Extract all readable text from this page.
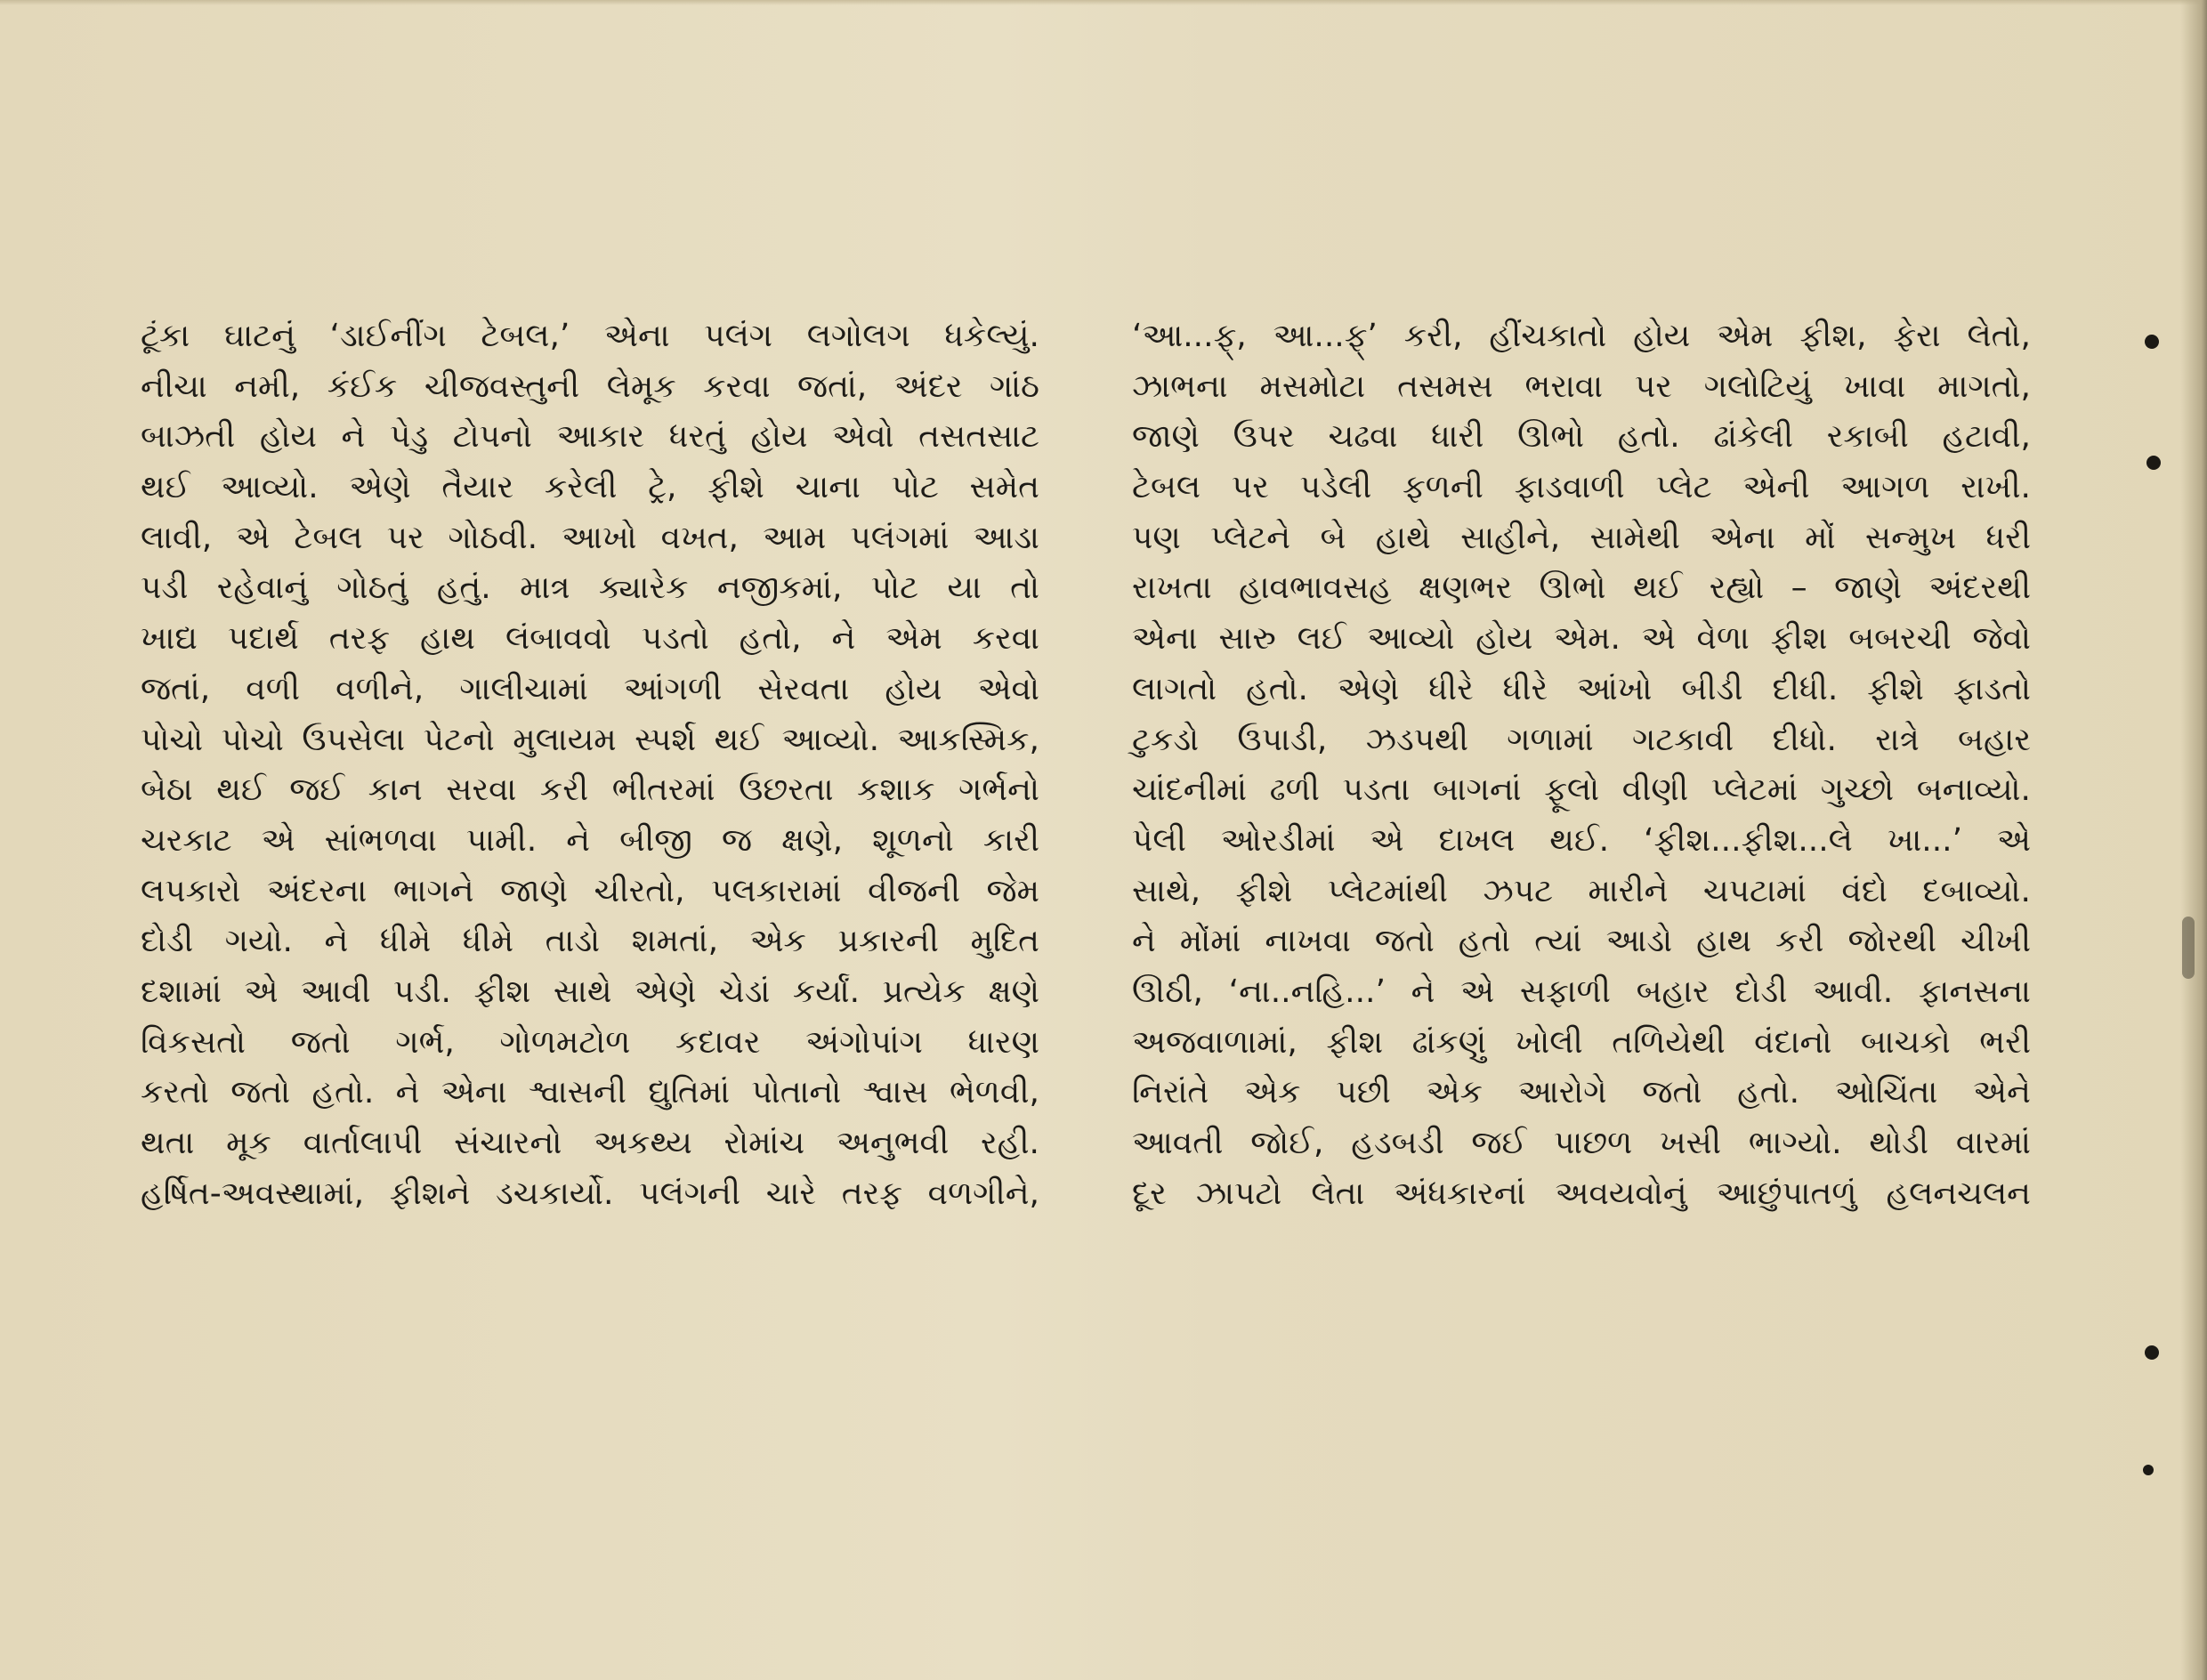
ટૂંકા ઘાટનું ‘ડાઈનીંગ ટેબલ,’ એના પલંગ લગોલગ ધકેલ્યું.

નીચા નમી, કંઈક ચીજવસ્તુની લેમૂક કરવા જતાં, અંદર ગાંઠ

બાઝતી હોય ને પેડુ ટોપનો આકાર ધરતું હોય એવો તસતસાટ

થઈ આવ્યો. એણે તૈયાર કરેલી ટ્રે, ફીશે ચાના પોટ સમેત

લાવી, એ ટેબલ પર ગોઠવી. આખો વખત, આમ પલંગમાં આડા

પડી રહેવાનું ગોઠતું હતું. માત્ર ક્યારેક નજીકમાં, પોટ યા તો

ખાદ્ય પદાર્થ તરફ હાથ લંબાવવો પડતો હતો, ને એમ કરવા

જતાં, વળી વળીને, ગાલીચામાં આંગળી સેરવતા હોય એવો

પોચો પોચો ઉપસેલા પેટનો મુલાયમ સ્પર્શ થઈ આવ્યો. આકસ્મિક,

બેઠા થઈ જઈ કાન સરવા કરી ભીતરમાં ઉછરતા કશાક ગર્ભનો

ચરકાટ એ સાંભળવા પામી. ને બીજી જ ક્ષણે, શૂળનો કારી

લપકારો અંદરના ભાગને જાણે ચીરતો, પલકારામાં વીજની જેમ

દોડી ગયો. ને ધીમે ધીમે તાડો શમતાં, એક પ્રકારની મુદિત

દશામાં એ આવી પડી. ફીશ સાથે એણે ચેડાં કર્યાં. પ્રત્યેક ક્ષણે

વિકસતો જતો ગર્ભ, ગોળમટોળ કદાવર અંગોપાંગ ધારણ

કરતો જતો હતો. ને એના શ્વાસની દ્યુતિમાં પોતાનો શ્વાસ ભેળવી,

થતા મૂક વાર્તાલાપી સંચારનો અકથ્ય રોમાંચ અનુભવી રહી.

હર્ષિત-અવસ્થામાં, ફીશને ડચકાર્યો. પલંગની ચારે તરફ વળગીને,

‘આ...ફ્, આ...ફ્’ કરી, હીંચકાતો હોય એમ ફીશ, ફેરા લેતો,

ઝાભના મસમોટા તસમસ ભરાવા પર ગલોટિયું ખાવા માગતો,

જાણે ઉપર ચઢવા ધારી ઊભો હતો. ઢાંકેલી રકાબી હટાવી,

ટેબલ પર પડેલી ફળની ફાડવાળી પ્લેટ એની આગળ રાખી.

પણ પ્લેટને બે હાથે સાહીને, સામેથી એના મોં સન્મુખ ધરી

રાખતા હાવભાવસહ ક્ષણભર ઊભો થઈ રહ્યો – જાણે અંદરથી

એના સારુ લઈ આવ્યો હોય એમ. એ વેળા ફીશ બબરચી જેવો

લાગતો હતો. એણે ધીરે ધીરે આંખો બીડી દીધી. ફીશે ફાડતો

ટુકડો ઉપાડી, ઝડપથી ગળામાં ગટકાવી દીધો. રાત્રે બહાર

ચાંદનીમાં ઢળી પડતા બાગનાં ફૂલો વીણી પ્લેટમાં ગુચ્છો બનાવ્યો.

પેલી ઓરડીમાં એ દાખલ થઈ. ‘ફીશ...ફીશ...લે ખા...’ એ

સાથે, ફીશે પ્લેટમાંથી ઝપટ મારીને ચપટામાં વંદો દબાવ્યો.

ને મોંમાં નાખવા જતો હતો ત્યાં આડો હાથ કરી જોરથી ચીખી

ઊઠી, ‘ના..નહિ...’ ને એ સફાળી બહાર દોડી આવી. ફાનસના

અજવાળામાં, ફીશ ઢાંકણું ખોલી તળિયેથી વંદાનો બાચકો ભરી

નિરાંતે એક પછી એક આરોગે જતો હતો. ઓચિંતા એને

આવતી જોઈ, હડબડી જઈ પાછળ ખસી ભાગ્યો. થોડી વારમાં

દૂર ઝાપટો લેતા અંધકારનાં અવયવોનું આછુંપાતળું હલનચલન
